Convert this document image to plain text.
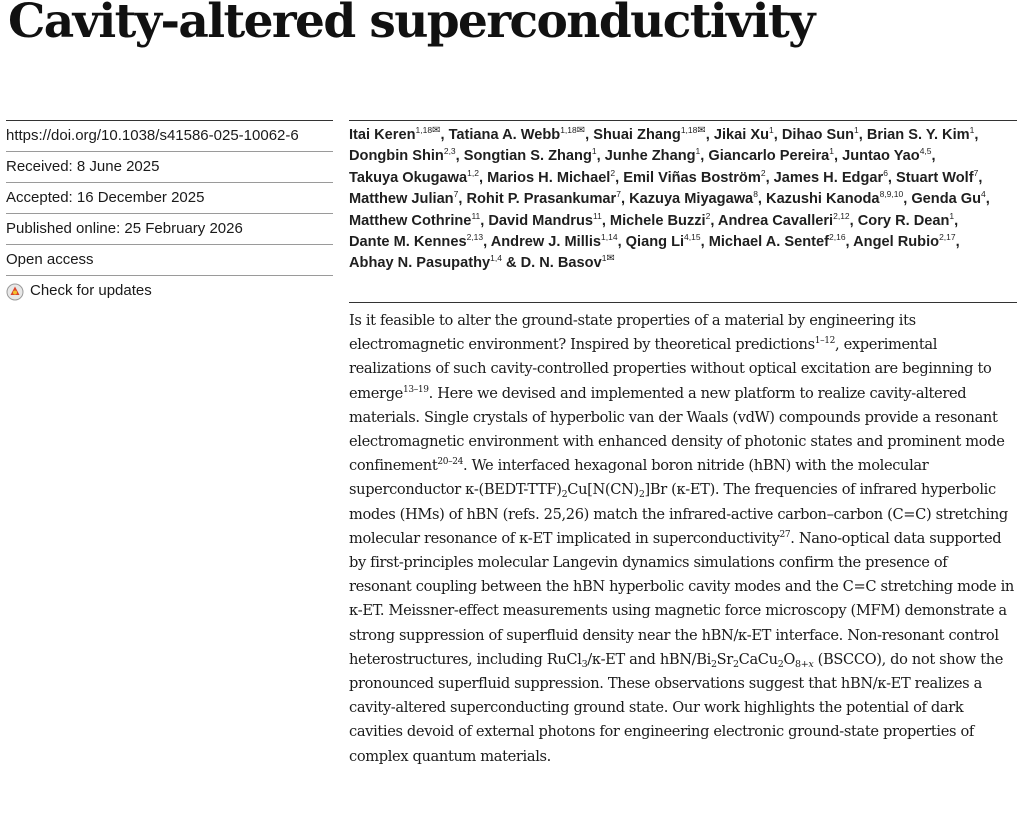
Cavity-altered superconductivity
https://doi.org/10.1038/s41586-025-10062-6
Received: 8 June 2025
Accepted: 16 December 2025
Published online: 25 February 2026
Open access
Check for updates
Itai Keren$^{1,18✉}$, Tatiana A. Webb$^{1,18✉}$, Shuai Zhang$^{1,18✉}$, Jikai Xu$^1$, Dihao Sun$^1$, Brian S. Y. Kim$^1$, Dongbin Shin$^{2,3}$, Songtian S. Zhang$^1$, Junhe Zhang$^1$, Giancarlo Pereira$^1$, Juntao Yao$^{4,5}$, Takuya Okugawa$^{1,2}$, Marios H. Michael$^2$, Emil Viñas Boström$^2$, James H. Edgar$^6$, Stuart Wolf$^7$, Matthew Julian$^7$, Rohit P. Prasankumar$^7$, Kazuya Miyagawa$^8$, Kazushi Kanoda$^{8,9,10}$, Genda Gu$^4$, Matthew Cothrine$^{11}$, David Mandrus$^{11}$, Michele Buzzi$^2$, Andrea Cavalleri$^{2,12}$, Cory R. Dean$^1$, Dante M. Kennes$^{2,13}$, Andrew J. Millis$^{1,14}$, Qiang Li$^{4,15}$, Michael A. Sentef$^{2,16}$, Angel Rubio$^{2,17}$, Abhay N. Pasupathy$^{1,4}$ & D. N. Basov$^{1✉}$

Is it feasible to alter the ground-state properties of a material by engineering its electromagnetic environment? Inspired by theoretical predictions$^{1-12}$, experimental realizations of such cavity-controlled properties without optical excitation are beginning to emerge$^{13-19}$. Here we devised and implemented a new platform to realize cavity-altered materials. Single crystals of hyperbolic van der Waals (vdW) compounds provide a resonant electromagnetic environment with enhanced density of photonic states and prominent mode confinement$^{20-24}$. We interfaced hexagonal boron nitride (hBN) with the molecular superconductor $\kappa-(BEDT-TTF)_2Cu[N(CN)_2]Br$ (κ-ET). The frequencies of infrared hyperbolic modes (HMs) of hBN (refs. 25,26) match the infrared-active carbon–carbon (C=C) stretching molecular resonance of κ-ET implicated in superconductivity$^{27}$. Nano-optical data supported by first-principles molecular Langevin dynamics simulations confirm the presence of resonant coupling between the hBN hyperbolic cavity modes and the C=C stretching mode in κ-ET. Meissner-effect measurements using magnetic force microscopy (MFM) demonstrate a strong suppression of superfluid density near the hBN/κ-ET interface. Non-resonant control heterostructures, including RuCl$_3$/κ-ET and hBN/$Bi_2Sr_2CaCu_2O_{8+x}$ (BSCCO), do not show the pronounced superfluid suppression. These observations suggest that hBN/κ-ET realizes a cavity-altered superconducting ground state. Our work highlights the potential of dark cavities devoid of external photons for engineering electronic ground-state properties of complex quantum materials.
